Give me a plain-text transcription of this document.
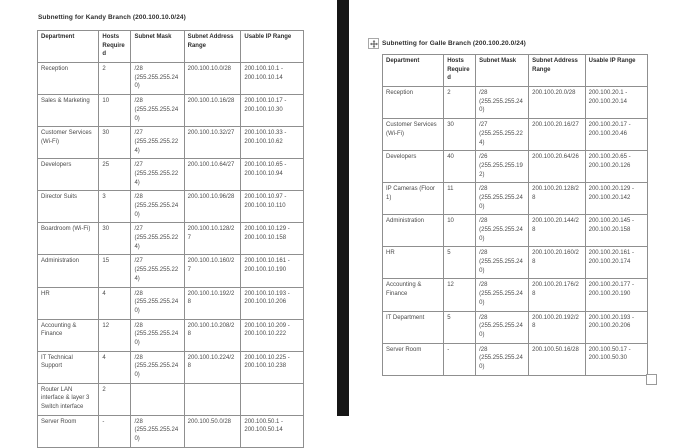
Subnetting for Kandy Branch (200.100.10.0/24)
Department	Hosts Required	Subnet Mask	Subnet Address Range	Usable IP Range
Reception	2	/28 (255.255.255.240)	200.100.10.0/28	200.100.10.1 - 200.100.10.14
Sales & Marketing	10	/28 (255.255.255.240)	200.100.10.16/28	200.100.10.17 - 200.100.10.30
Customer Services (Wi-Fi)	30	/27 (255.255.255.224)	200.100.10.32/27	200.100.10.33 - 200.100.10.62
Developers	25	/27 (255.255.255.224)	200.100.10.64/27	200.100.10.65 - 200.100.10.94
Director Suits	3	/28 (255.255.255.240)	200.100.10.96/28	200.100.10.97 - 200.100.10.110
Boardroom (Wi-Fi)	30	/27 (255.255.255.224)	200.100.10.128/27	200.100.10.129 - 200.100.10.158
Administration	15	/27 (255.255.255.224)	200.100.10.160/27	200.100.10.161 - 200.100.10.190
HR	4	/28 (255.255.255.240)	200.100.10.192/28	200.100.10.193 - 200.100.10.206
Accounting & Finance	12	/28 (255.255.255.240)	200.100.10.208/28	200.100.10.209 - 200.100.10.222
IT Technical Support	4	/28 (255.255.255.240)	200.100.10.224/28	200.100.10.225 - 200.100.10.238
Router LAN interface & layer 3 Switch interface	2			
Server Room	-	/28 (255.255.255.240)	200.100.50.0/28	200.100.50.1 - 200.100.50.14
Subnetting for Galle Branch (200.100.20.0/24)
Department	Hosts Required	Subnet Mask	Subnet Address Range	Usable IP Range
Reception	2	/28 (255.255.255.240)	200.100.20.0/28	200.100.20.1 - 200.100.20.14
Customer Services (Wi-Fi)	30	/27 (255.255.255.224)	200.100.20.16/27	200.100.20.17 - 200.100.20.46
Developers	40	/26 (255.255.255.192)	200.100.20.64/26	200.100.20.65 - 200.100.20.126
IP Cameras (Floor 1)	11	/28 (255.255.255.240)	200.100.20.128/28	200.100.20.129 - 200.100.20.142
Administration	10	/28 (255.255.255.240)	200.100.20.144/28	200.100.20.145 - 200.100.20.158
HR	5	/28 (255.255.255.240)	200.100.20.160/28	200.100.20.161 - 200.100.20.174
Accounting & Finance	12	/28 (255.255.255.240)	200.100.20.176/28	200.100.20.177 - 200.100.20.190
IT Department	5	/28 (255.255.255.240)	200.100.20.192/28	200.100.20.193 - 200.100.20.206
Server Room	-	/28 (255.255.255.240)	200.100.50.16/28	200.100.50.17 - 200.100.50.30
